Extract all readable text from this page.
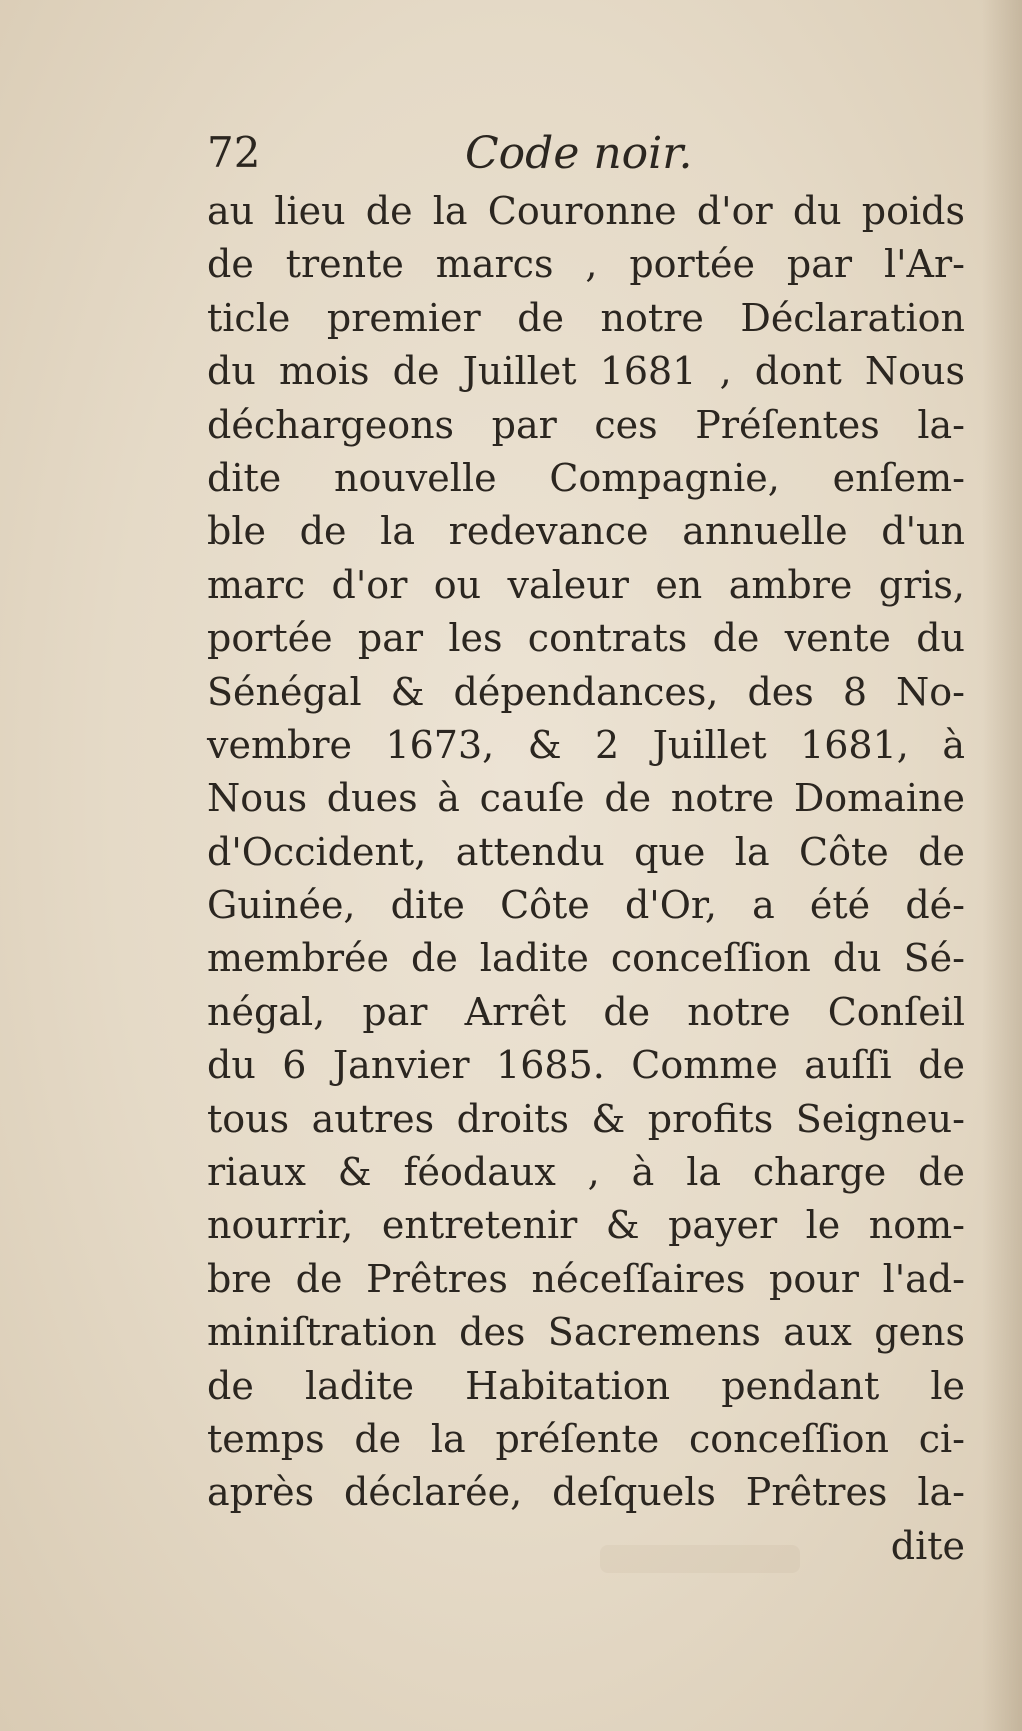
72	Code noir.
au lieu de la Couronne d'or du poids
de trente marcs , portée par l'Ar-
ticle premier de notre Déclaration
du mois de Juillet 1681 , dont Nous
déchargeons par ces Préſentes la-
dite nouvelle Compagnie, enſem-
ble de la redevance annuelle d'un
marc d'or ou valeur en ambre gris,
portée par les contrats de vente du
Sénégal & dépendances, des 8 No-
vembre 1673, & 2 Juillet 1681, à
Nous dues à cauſe de notre Domaine
d'Occident, attendu que la Côte de
Guinée, dite Côte d'Or, a été dé-
membrée de ladite conceſſion du Sé-
négal, par Arrêt de notre Conſeil
du 6 Janvier 1685. Comme auſſi de
tous autres droits & profits Seigneu-
riaux & féodaux , à la charge de
nourrir, entretenir & payer le nom-
bre de Prêtres néceſſaires pour l'ad-
miniſtration des Sacremens aux gens
de ladite Habitation pendant le
temps de la préſente conceſſion ci-
après déclarée, deſquels Prêtres la-
dite
